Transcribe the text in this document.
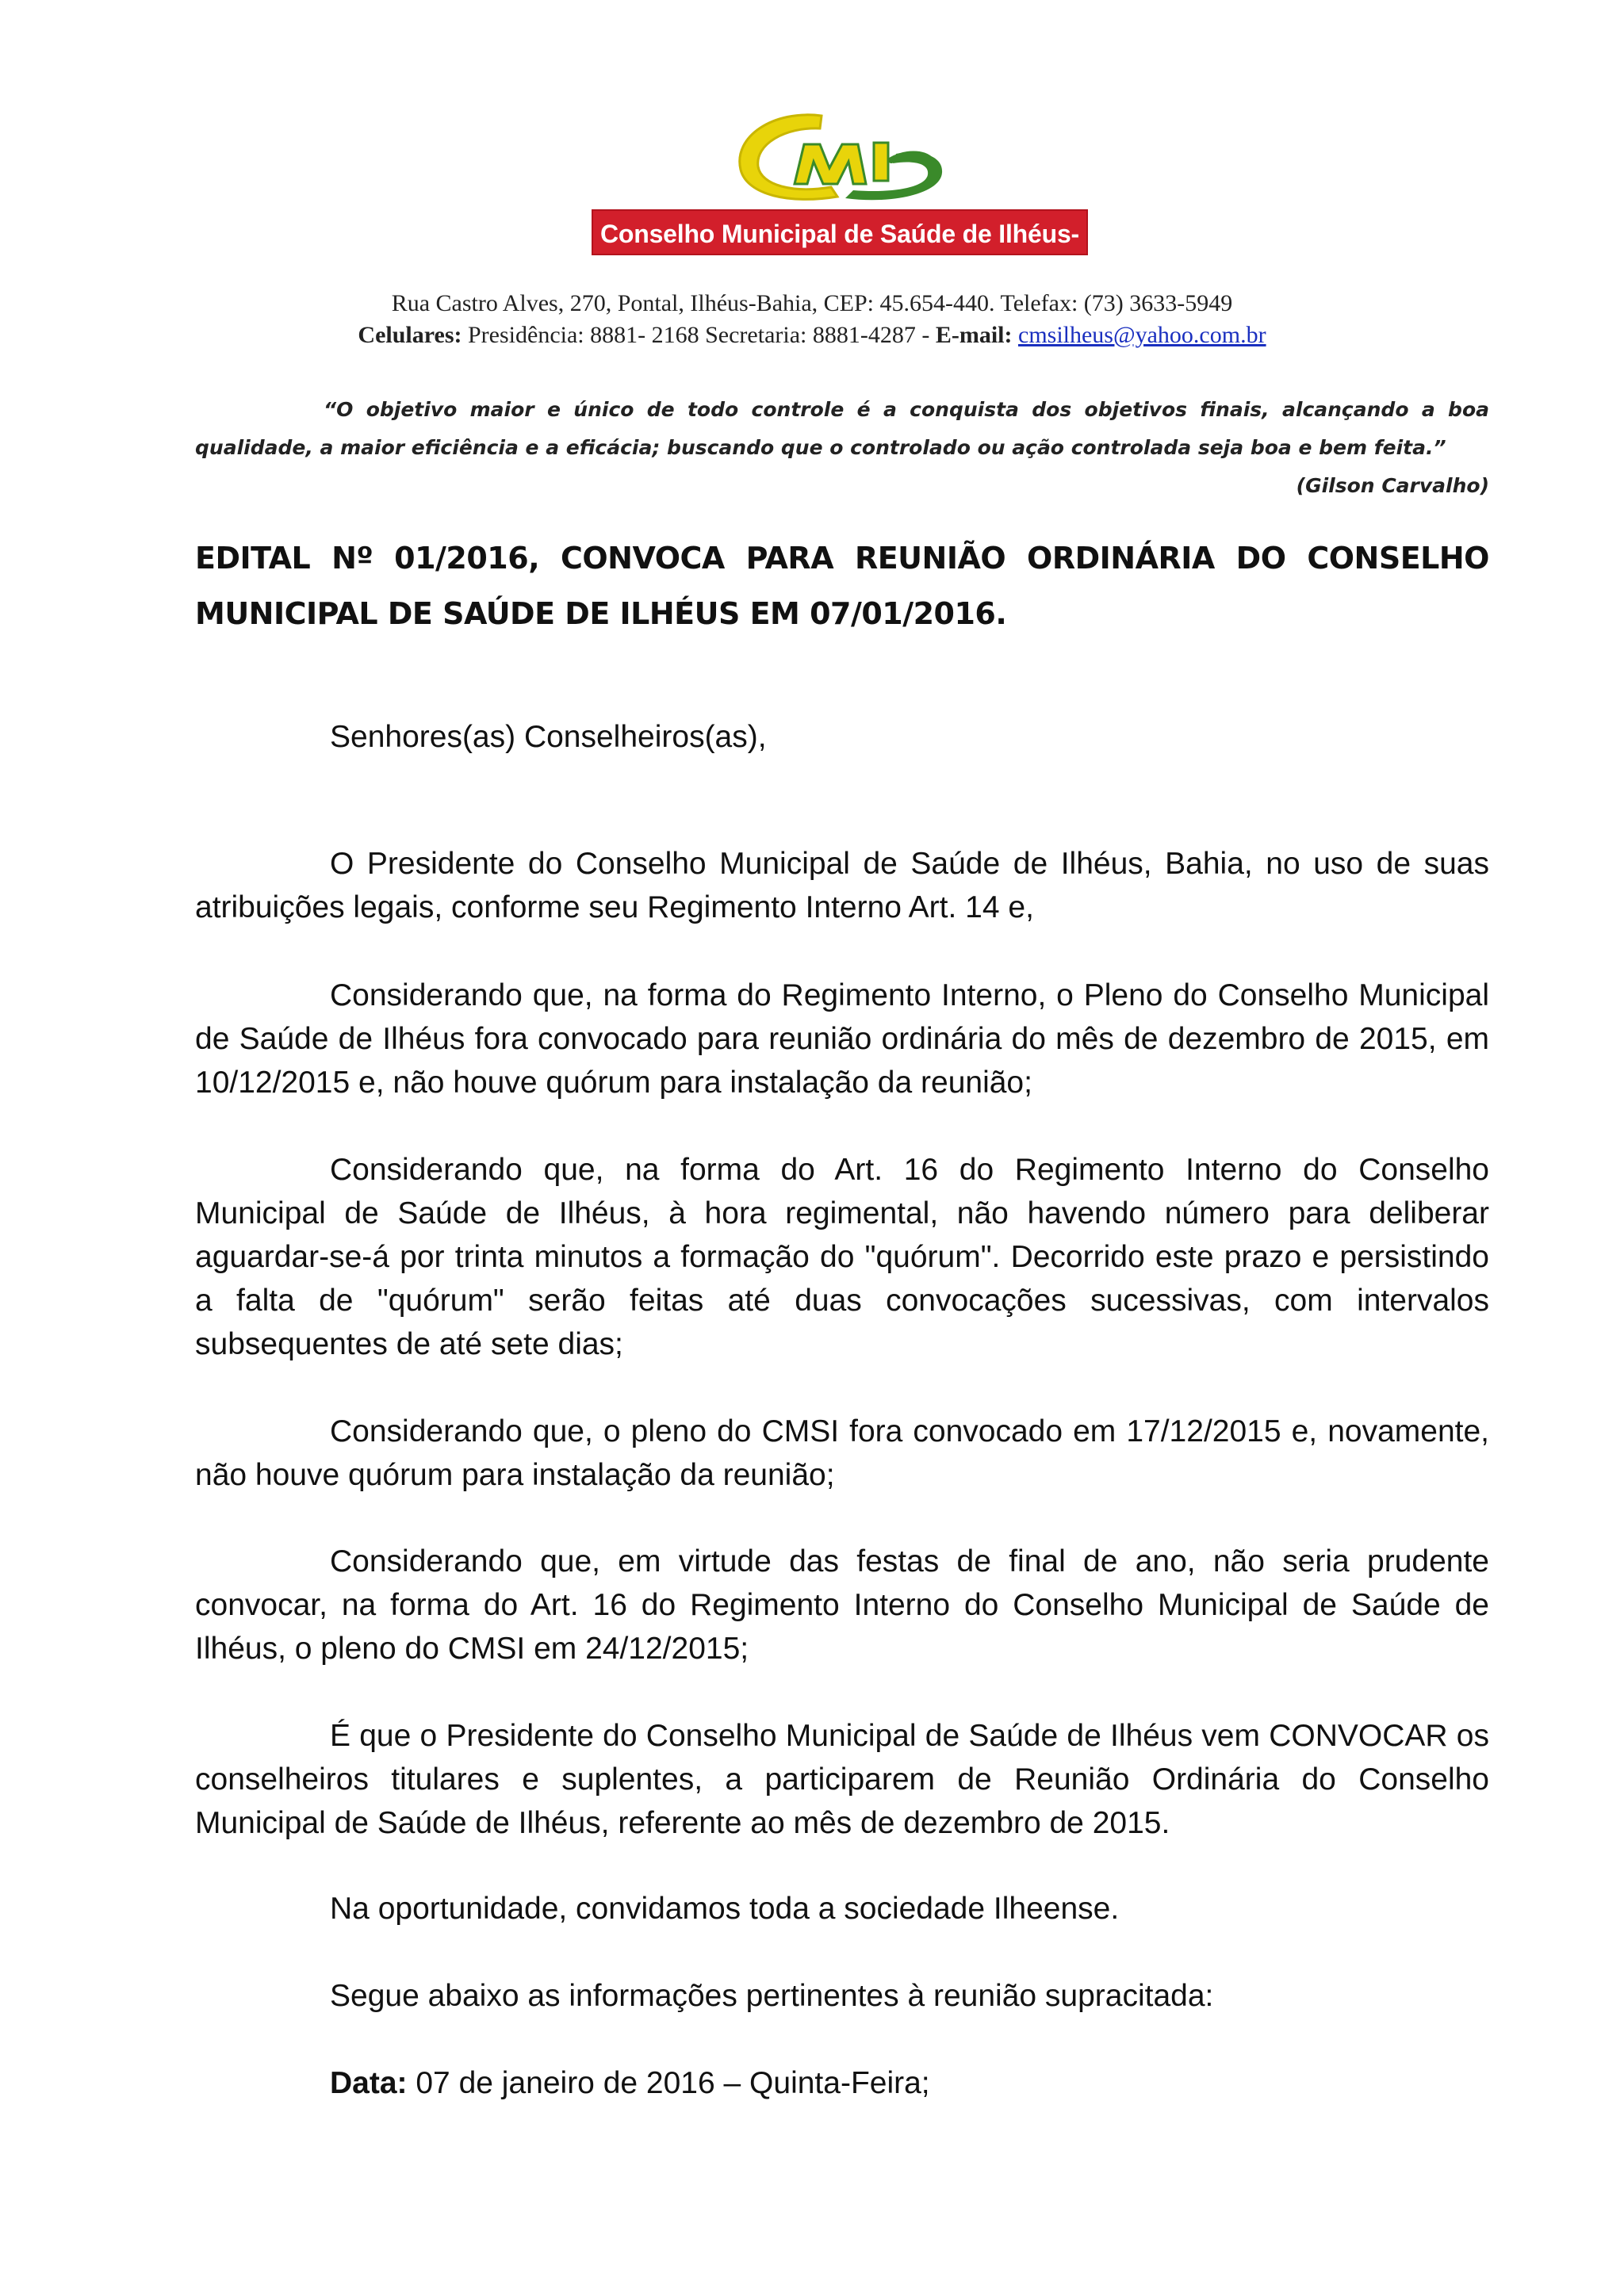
Conselho Municipal de Saúde de Ilhéus-Bahia
Rua Castro Alves, 270, Pontal, Ilhéus-Bahia, CEP: 45.654-440. Telefax: (73) 3633-5949
Celulares: Presidência: 8881- 2168 Secretaria: 8881-4287 - E-mail: cmsilheus@yahoo.com.br
“O objetivo maior e único de todo controle é a conquista dos objetivos finais, alcançando a boa
qualidade, a maior eficiência e a eficácia; buscando que o controlado ou ação controlada seja boa e bem feita.”
(Gilson Carvalho)
EDITAL Nº 01/2016, CONVOCA PARA REUNIÃO ORDINÁRIA DO CONSELHO
MUNICIPAL DE SAÚDE DE ILHÉUS EM 07/01/2016.
Senhores(as) Conselheiros(as),
O Presidente do Conselho Municipal de Saúde de Ilhéus, Bahia, no uso de suas atribuições legais, conforme seu Regimento Interno Art. 14 e,
Considerando que, na forma do Regimento Interno, o Pleno do Conselho Municipal de Saúde de Ilhéus fora convocado para reunião ordinária do mês de dezembro de 2015, em 10/12/2015 e, não houve quórum para instalação da reunião;
Considerando que, na forma do Art. 16 do Regimento Interno do Conselho Municipal de Saúde de Ilhéus, à hora regimental, não havendo número para deliberar aguardar-se-á por trinta minutos a formação do "quórum". Decorrido este prazo e persistindo a falta de "quórum" serão feitas até duas convocações sucessivas, com intervalos subsequentes de até sete dias;
Considerando que, o pleno do CMSI fora convocado em 17/12/2015 e, novamente, não houve quórum para instalação da reunião;
Considerando que, em virtude das festas de final de ano, não seria prudente convocar, na forma do Art. 16 do Regimento Interno do Conselho Municipal de Saúde de Ilhéus, o pleno do CMSI em 24/12/2015;
É que o Presidente do Conselho Municipal de Saúde de Ilhéus vem CONVOCAR os conselheiros titulares e suplentes, a participarem de Reunião Ordinária do Conselho Municipal de Saúde de Ilhéus, referente ao mês de dezembro de 2015.
Na oportunidade, convidamos toda a sociedade Ilheense.
Segue abaixo as informações pertinentes à reunião supracitada:
Data: 07 de janeiro de 2016 – Quinta-Feira;
